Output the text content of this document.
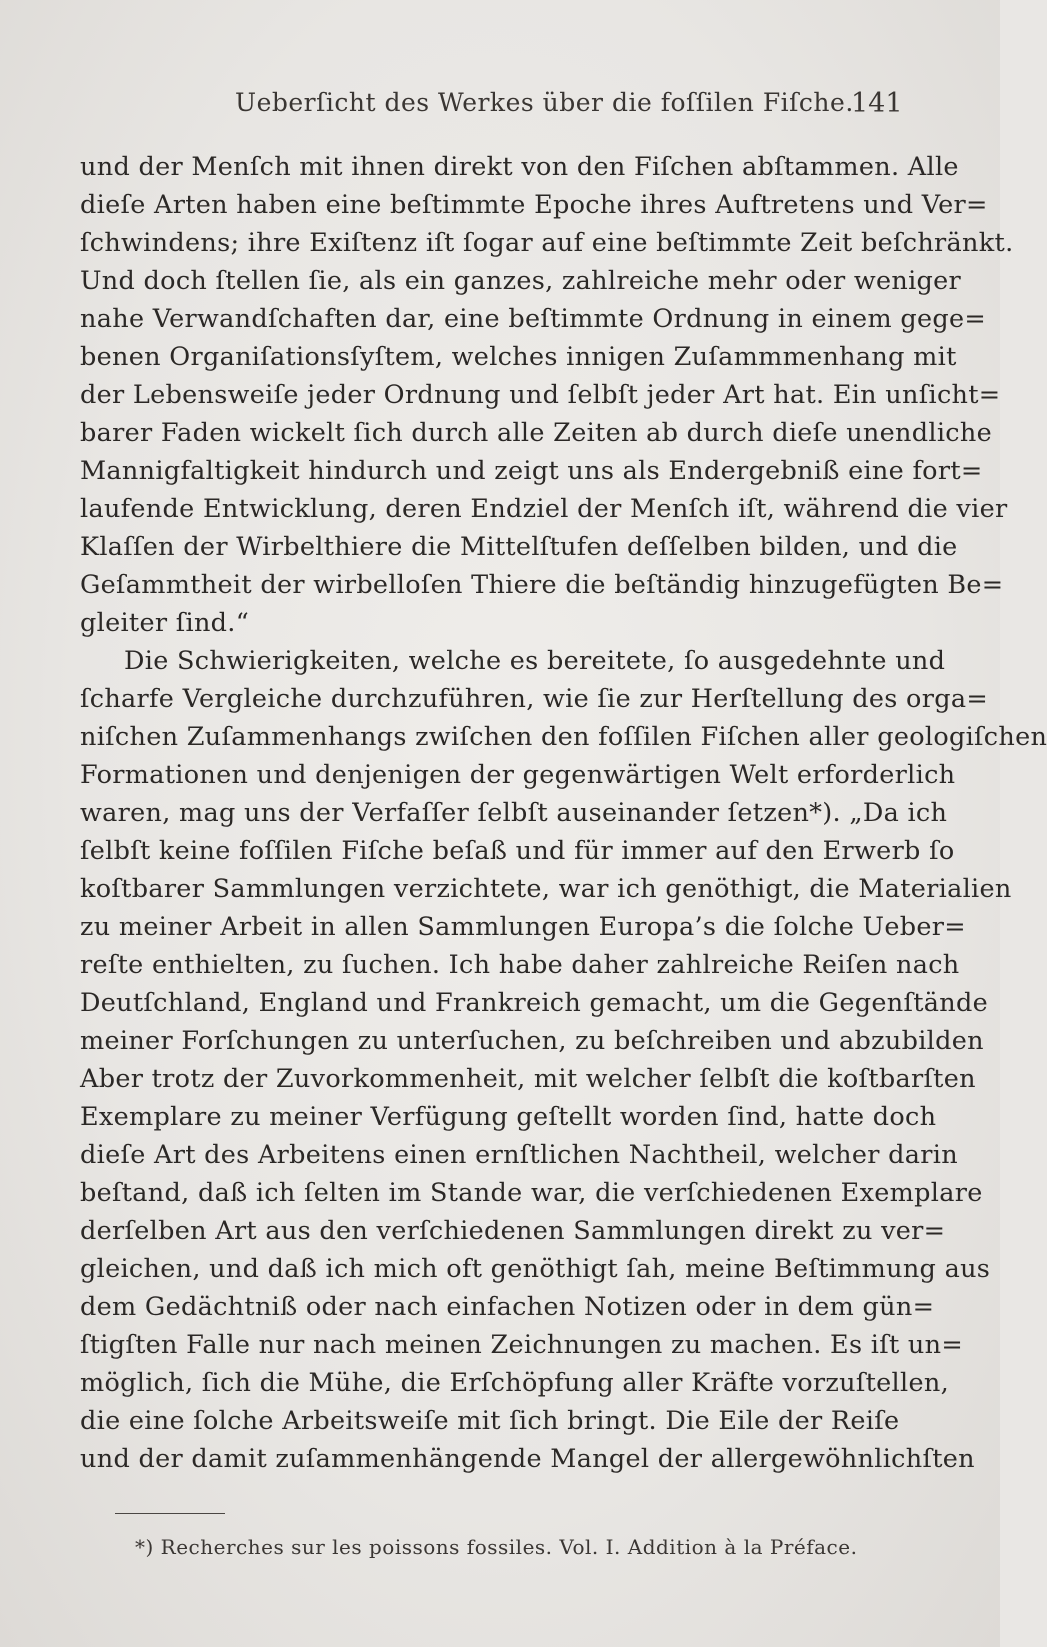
Ueberſicht des Werkes über die foſſilen Fiſche.
141
und der Menſch mit ihnen direkt von den Fiſchen abſtammen. Alle
dieſe Arten haben eine beſtimmte Epoche ihres Auftretens und Ver=
ſchwindens; ihre Exiſtenz iſt ſogar auf eine beſtimmte Zeit beſchränkt.
Und doch ſtellen ſie, als ein ganzes, zahlreiche mehr oder weniger
nahe Verwandſchaften dar, eine beſtimmte Ordnung in einem gege=
benen Organiſationsſyſtem, welches innigen Zuſammmenhang mit
der Lebensweiſe jeder Ordnung und ſelbſt jeder Art hat. Ein unſicht=
barer Faden wickelt ſich durch alle Zeiten ab durch dieſe unendliche
Mannigfaltigkeit hindurch und zeigt uns als Endergebniß eine fort=
laufende Entwicklung, deren Endziel der Menſch iſt, während die vier
Klaſſen der Wirbelthiere die Mittelſtufen deſſelben bilden, und die
Geſammtheit der wirbelloſen Thiere die beſtändig hinzugefügten Be=
gleiter ſind.“
Die Schwierigkeiten, welche es bereitete, ſo ausgedehnte und
ſcharfe Vergleiche durchzuführen, wie ſie zur Herſtellung des orga=
niſchen Zuſammenhangs zwiſchen den foſſilen Fiſchen aller geologiſchen
Formationen und denjenigen der gegenwärtigen Welt erforderlich
waren, mag uns der Verfaſſer ſelbſt auseinander ſetzen*). „Da ich
ſelbſt keine foſſilen Fiſche beſaß und für immer auf den Erwerb ſo
koſtbarer Sammlungen verzichtete, war ich genöthigt, die Materialien
zu meiner Arbeit in allen Sammlungen Europa’s die ſolche Ueber=
reſte enthielten, zu ſuchen. Ich habe daher zahlreiche Reiſen nach
Deutſchland, England und Frankreich gemacht, um die Gegenſtände
meiner Forſchungen zu unterſuchen, zu beſchreiben und abzubilden
Aber trotz der Zuvorkommenheit, mit welcher ſelbſt die koſtbarſten
Exemplare zu meiner Verfügung geſtellt worden ſind, hatte doch
dieſe Art des Arbeitens einen ernſtlichen Nachtheil, welcher darin
beſtand, daß ich ſelten im Stande war, die verſchiedenen Exemplare
derſelben Art aus den verſchiedenen Sammlungen direkt zu ver=
gleichen, und daß ich mich oft genöthigt ſah, meine Beſtimmung aus
dem Gedächtniß oder nach einfachen Notizen oder in dem gün=
ſtigſten Falle nur nach meinen Zeichnungen zu machen. Es iſt un=
möglich, ſich die Mühe, die Erſchöpfung aller Kräfte vorzuſtellen,
die eine ſolche Arbeitsweiſe mit ſich bringt. Die Eile der Reiſe
und der damit zuſammenhängende Mangel der allergewöhnlichſten
*) Recherches sur les poissons fossiles. Vol. I. Addition à la Préface.
